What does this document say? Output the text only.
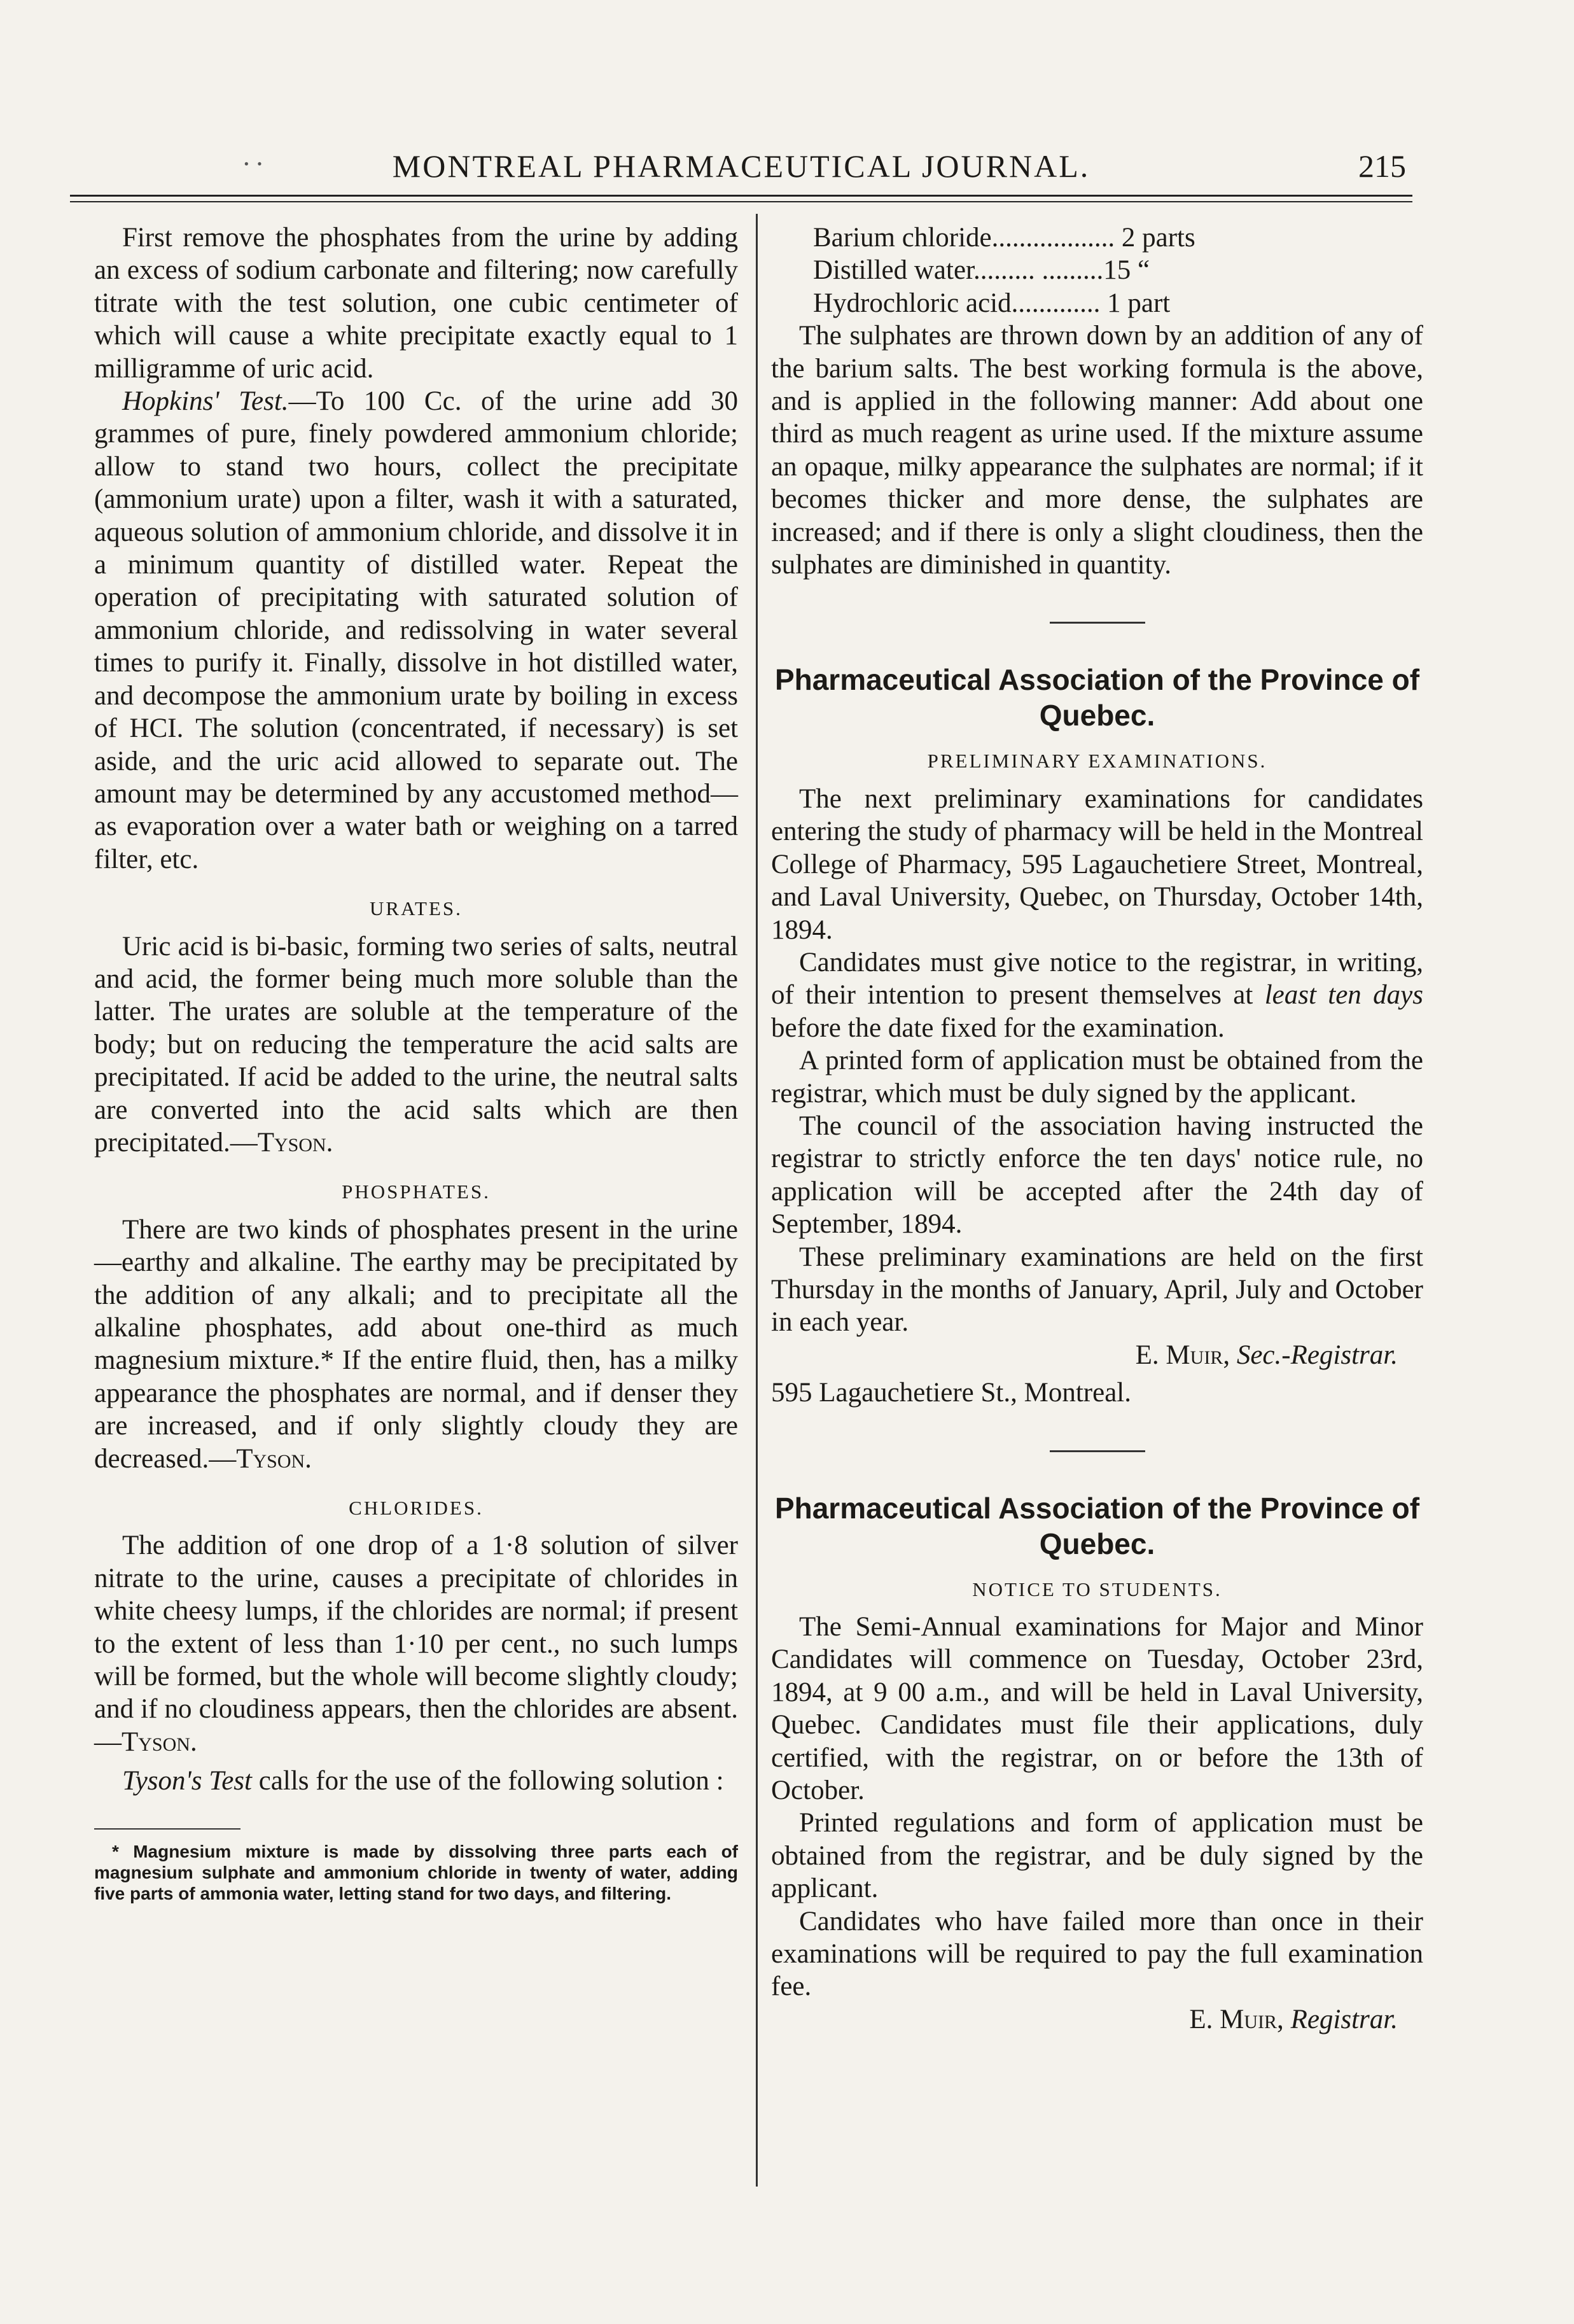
··	MONTREAL PHARMACEUTICAL JOURNAL.	215

First remove the phosphates from the urine by adding an excess of sodium carbonate and filtering; now carefully titrate with the test solution, one cubic centimeter of which will cause a white precipitate exactly equal to 1 milligramme of uric acid.

Hopkins' Test.—To 100 Cc. of the urine add 30 grammes of pure, finely powdered ammonium chloride; allow to stand two hours, collect the precipitate (ammonium urate) upon a filter, wash it with a saturated, aqueous solution of ammonium chloride, and dissolve it in a minimum quantity of distilled water. Repeat the operation of precipitating with saturated solution of ammonium chloride, and redissolving in water several times to purify it. Finally, dissolve in hot distilled water, and decompose the ammonium urate by boiling in excess of HCI. The solution (concentrated, if necessary) is set aside, and the uric acid allowed to separate out. The amount may be determined by any accustomed method—as evaporation over a water bath or weighing on a tarred filter, etc.

URATES.

Uric acid is bi-basic, forming two series of salts, neutral and acid, the former being much more soluble than the latter. The urates are soluble at the temperature of the body; but on reducing the temperature the acid salts are precipitated. If acid be added to the urine, the neutral salts are converted into the acid salts which are then precipitated.—Tyson.

PHOSPHATES.

There are two kinds of phosphates present in the urine—earthy and alkaline. The earthy may be precipitated by the addition of any alkali; and to precipitate all the alkaline phosphates, add about one-third as much magnesium mixture.* If the entire fluid, then, has a milky appearance the phosphates are normal, and if denser they are increased, and if only slightly cloudy they are decreased.—Tyson.

CHLORIDES.

The addition of one drop of a 1·8 solution of silver nitrate to the urine, causes a precipitate of chlorides in white cheesy lumps, if the chlorides are normal; if present to the extent of less than 1·10 per cent., no such lumps will be formed, but the whole will become slightly cloudy; and if no cloudiness appears, then the chlorides are absent.—Tyson.

Tyson's Test calls for the use of the following solution :

* Magnesium mixture is made by dissolving three parts each of magnesium sulphate and ammonium chloride in twenty of water, adding five parts of ammonia water, letting stand for two days, and filtering.

Barium chloride.................. 2 parts

Distilled water......... .........15 “

Hydrochloric acid............. 1 part

The sulphates are thrown down by an addition of any of the barium salts. The best working formula is the above, and is applied in the following manner: Add about one third as much reagent as urine used. If the mixture assume an opaque, milky appearance the sulphates are normal; if it becomes thicker and more dense, the sulphates are increased; and if there is only a slight cloudiness, then the sulphates are diminished in quantity.

Pharmaceutical Association of the Province of Quebec.
PRELIMINARY EXAMINATIONS.

The next preliminary examinations for candidates entering the study of pharmacy will be held in the Montreal College of Pharmacy, 595 Lagauchetiere Street, Montreal, and Laval University, Quebec, on Thursday, October 14th, 1894.

Candidates must give notice to the registrar, in writing, of their intention to present themselves at least ten days before the date fixed for the examination.

A printed form of application must be obtained from the registrar, which must be duly signed by the applicant.

The council of the association having instructed the registrar to strictly enforce the ten days' notice rule, no application will be accepted after the 24th day of September, 1894.

These preliminary examinations are held on the first Thursday in the months of January, April, July and October in each year.

E. Muir, Sec.-Registrar.

595 Lagauchetiere St., Montreal.

Pharmaceutical Association of the Province of Quebec.
NOTICE TO STUDENTS.

The Semi-Annual examinations for Major and Minor Candidates will commence on Tuesday, October 23rd, 1894, at 9 00 a.m., and will be held in Laval University, Quebec. Candidates must file their applications, duly certified, with the registrar, on or before the 13th of October.

Printed regulations and form of application must be obtained from the registrar, and be duly signed by the applicant.

Candidates who have failed more than once in their examinations will be required to pay the full examination fee.

E. Muir, Registrar.
